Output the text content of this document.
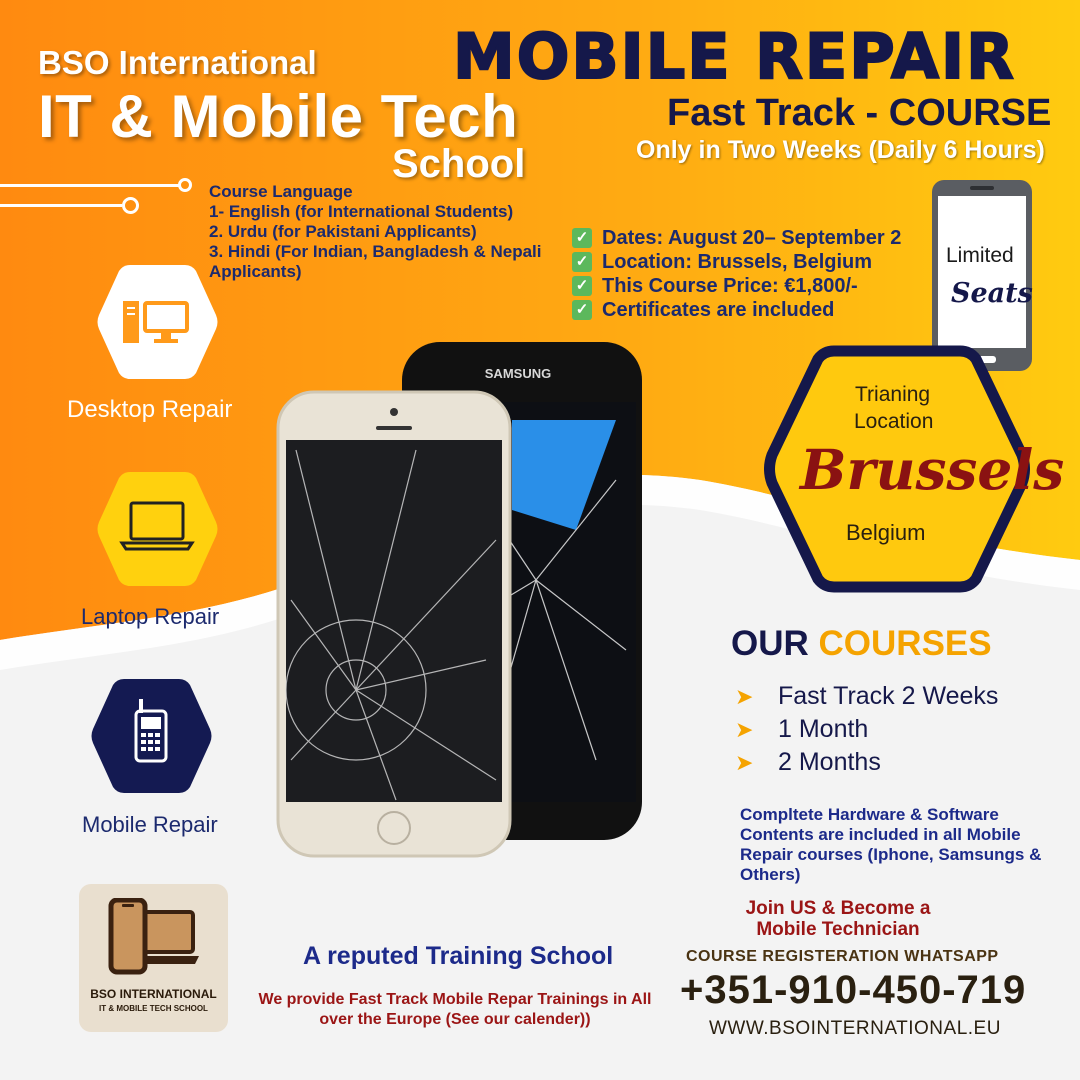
BSO International
IT & Mobile Tech
School
MOBILE REPAIR
Fast Track - COURSE
Only in Two Weeks (Daily 6 Hours)
Course Language
1- English (for International Students)
2. Urdu (for Pakistani Applicants)
3. Hindi (For Indian, Bangladesh & Nepali Applicants)
✓ Dates: August 20– September 2
✓ Location: Brussels, Belgium
✓ This Course Price: €1,800/-
✓ Certificates are included
Limited
Seats
Trianing
Location
Brussels
Belgium
Desktop Repair
Laptop Repair
Mobile Repair
SAMSUNG
OUR COURSES
➤ Fast Track 2 Weeks
➤ 1 Month
➤ 2 Months
Compltete Hardware & Software Contents are included in all Mobile Repair courses (Iphone, Samsungs & Others)
Join US & Become a
Mobile Technician
COURSE REGISTERATION WHATSAPP
+351-910-450-719
WWW.BSOINTERNATIONAL.EU
A reputed Training School
We provide Fast Track Mobile Repar Trainings in All over the Europe (See our calender))
BSO INTERNATIONAL
IT & MOBILE TECH SCHOOL
